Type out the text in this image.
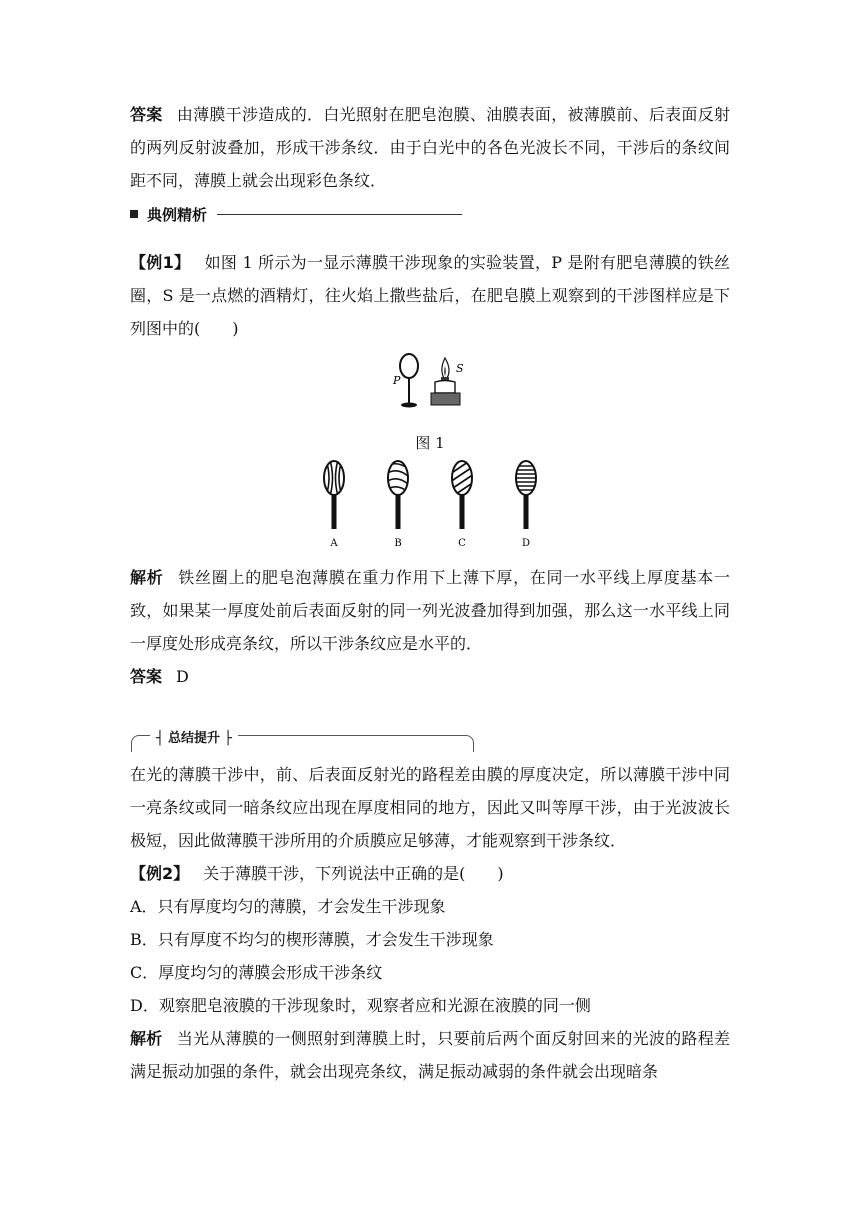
答案 由薄膜干涉造成的．白光照射在肥皂泡膜、油膜表面，被薄膜前、后表面反射的两列反射波叠加，形成干涉条纹．由于白光中的各色光波长不同，干涉后的条纹间距不同，薄膜上就会出现彩色条纹．
典例精析
【例1】 如图 1 所示为一显示薄膜干涉现象的实验装置，P 是附有肥皂薄膜的铁丝圈，S 是一点燃的酒精灯，往火焰上撒些盐后，在肥皂膜上观察到的干涉图样应是下列图中的(　　)
P
S
图 1
A	B	C	D
解析 铁丝圈上的肥皂泡薄膜在重力作用下上薄下厚，在同一水平线上厚度基本一致，如果某一厚度处前后表面反射的同一列光波叠加得到加强，那么这一水平线上同一厚度处形成亮条纹，所以干涉条纹应是水平的．
答案 D
┤ 总结提升 ├
在光的薄膜干涉中，前、后表面反射光的路程差由膜的厚度决定，所以薄膜干涉中同一亮条纹或同一暗条纹应出现在厚度相同的地方，因此又叫等厚干涉，由于光波波长极短，因此做薄膜干涉所用的介质膜应足够薄，才能观察到干涉条纹．
【例2】 关于薄膜干涉，下列说法中正确的是(　　)
A．只有厚度均匀的薄膜，才会发生干涉现象
B．只有厚度不均匀的楔形薄膜，才会发生干涉现象
C．厚度均匀的薄膜会形成干涉条纹
D．观察肥皂液膜的干涉现象时，观察者应和光源在液膜的同一侧
解析 当光从薄膜的一侧照射到薄膜上时，只要前后两个面反射回来的光波的路程差满足振动加强的条件，就会出现亮条纹，满足振动减弱的条件就会出现暗条
